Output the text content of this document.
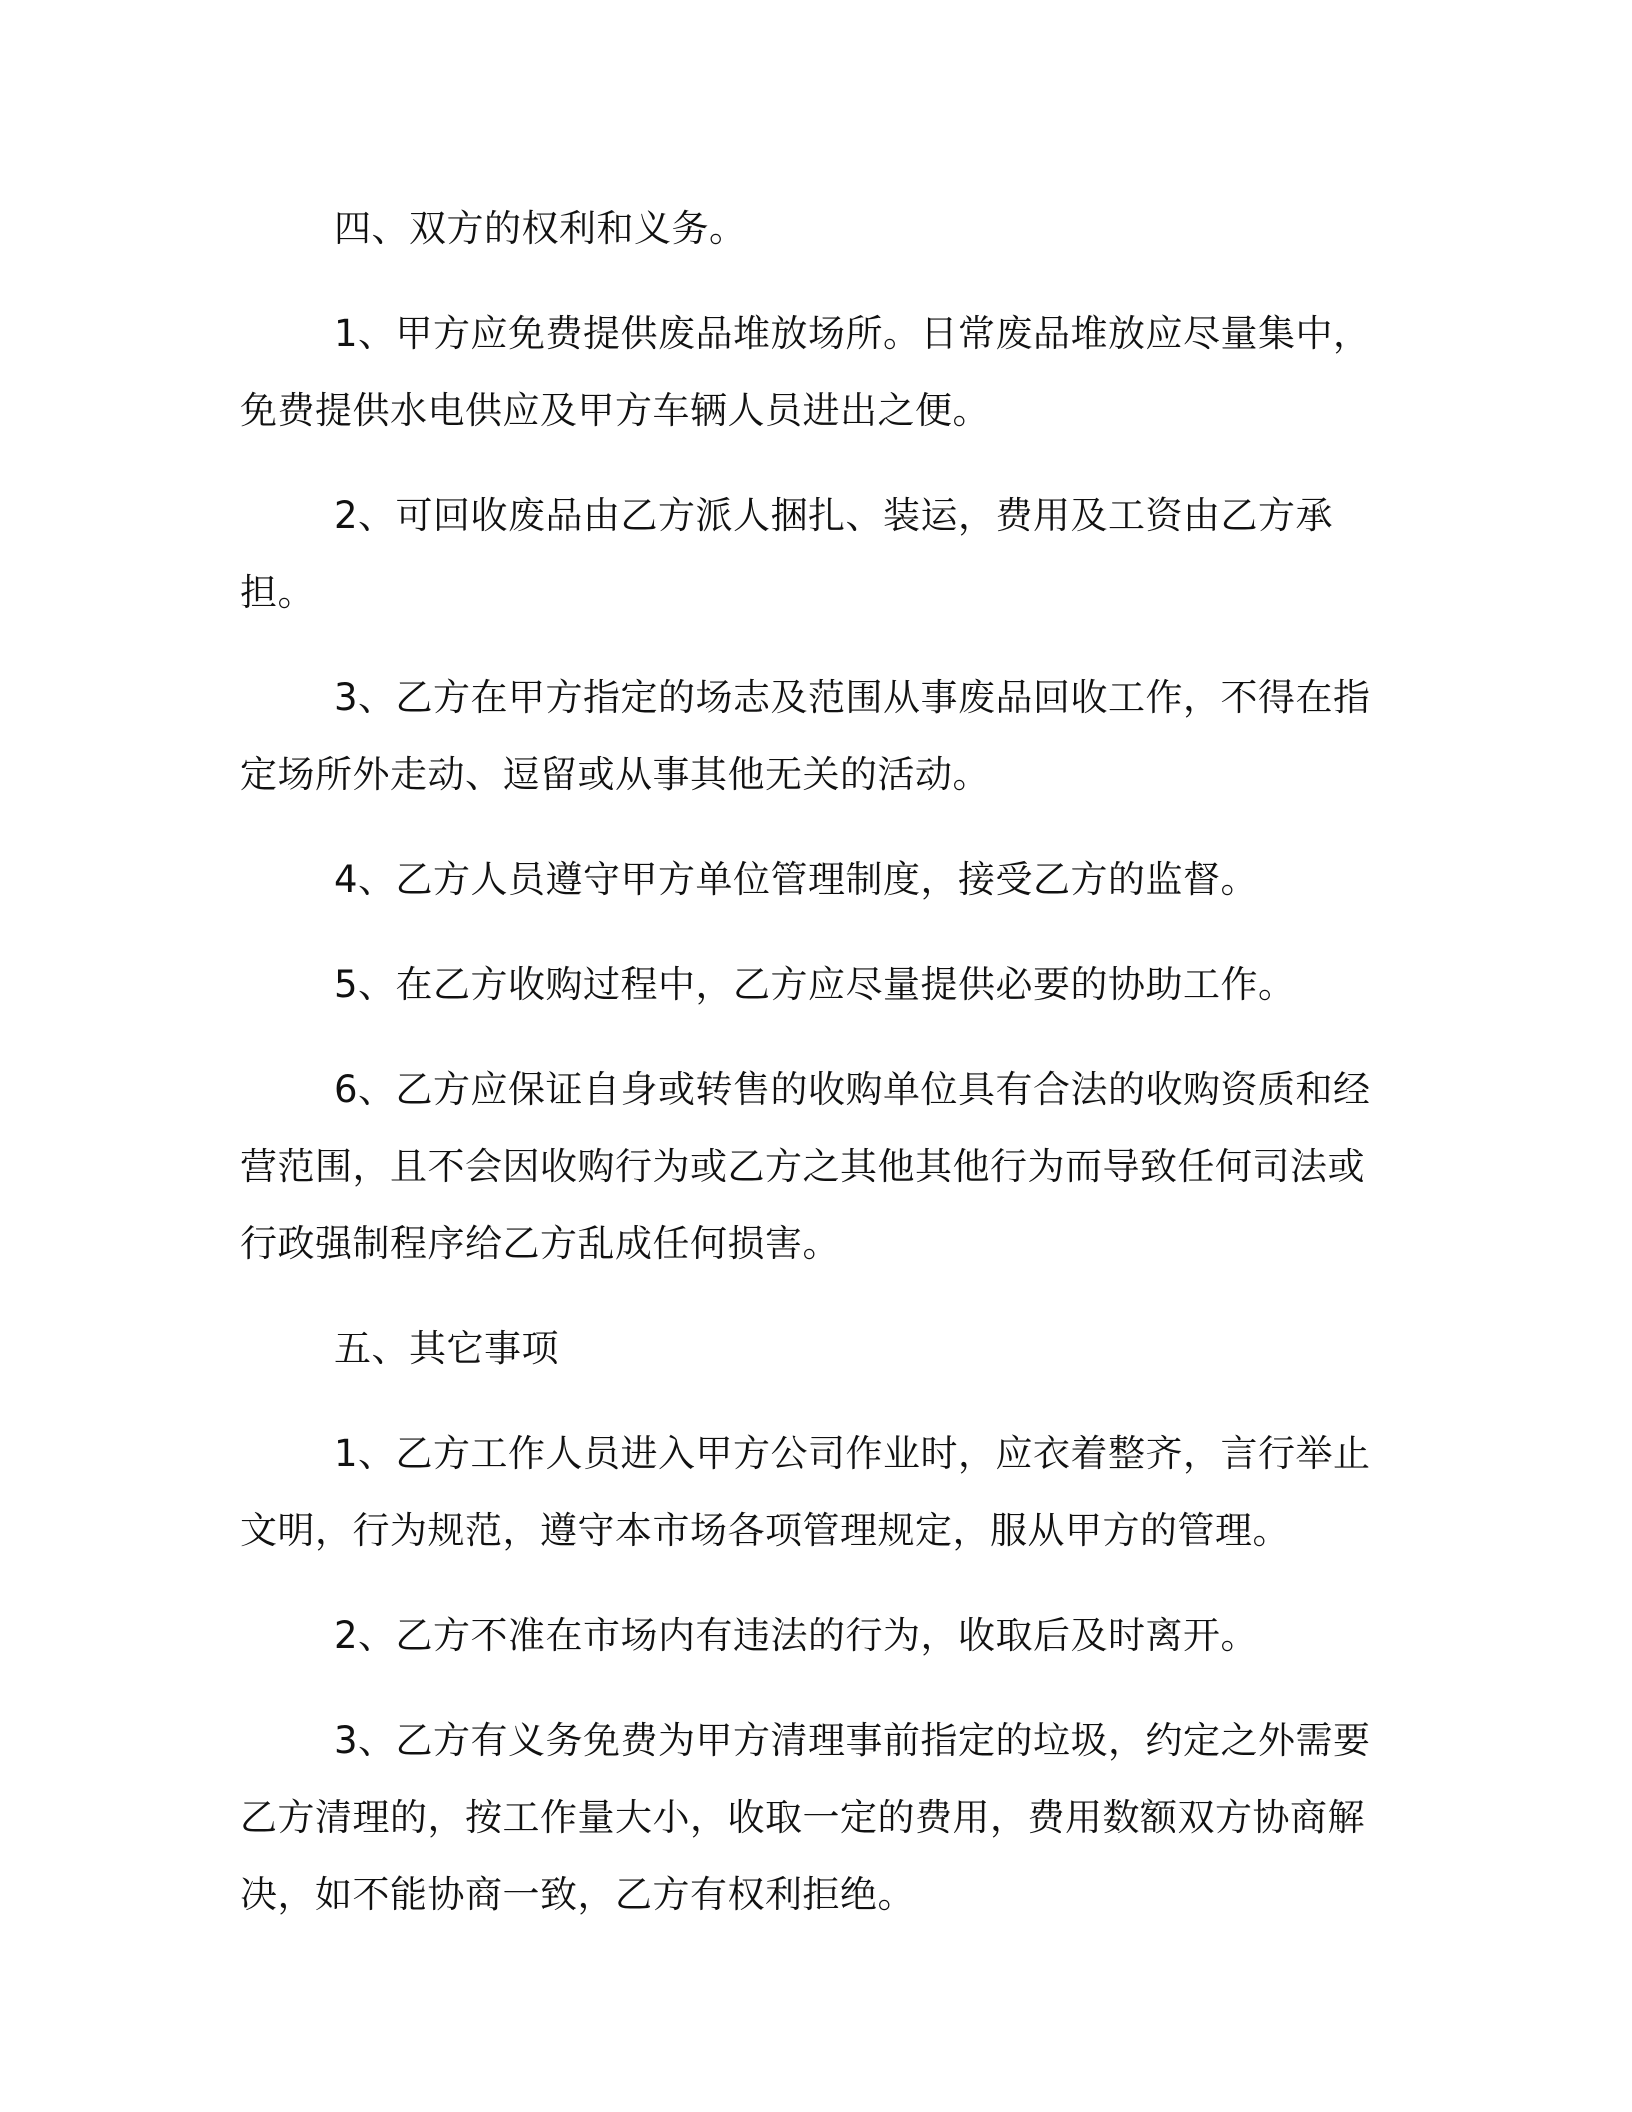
四、双方的权利和义务。

1、甲方应免费提供废品堆放场所。日常废品堆放应尽量集中，免费提供水电供应及甲方车辆人员进出之便。

2、可回收废品由乙方派人捆扎、装运，费用及工资由乙方承担。

3、乙方在甲方指定的场志及范围从事废品回收工作，不得在指定场所外走动、逗留或从事其他无关的活动。

4、乙方人员遵守甲方单位管理制度，接受乙方的监督。

5、在乙方收购过程中，乙方应尽量提供必要的协助工作。

6、乙方应保证自身或转售的收购单位具有合法的收购资质和经营范围，且不会因收购行为或乙方之其他其他行为而导致任何司法或行政强制程序给乙方乱成任何损害。

五、其它事项

1、乙方工作人员进入甲方公司作业时，应衣着整齐，言行举止文明，行为规范，遵守本市场各项管理规定，服从甲方的管理。

2、乙方不准在市场内有违法的行为，收取后及时离开。

3、乙方有义务免费为甲方清理事前指定的垃圾，约定之外需要乙方清理的，按工作量大小，收取一定的费用，费用数额双方协商解决，如不能协商一致，乙方有权利拒绝。
